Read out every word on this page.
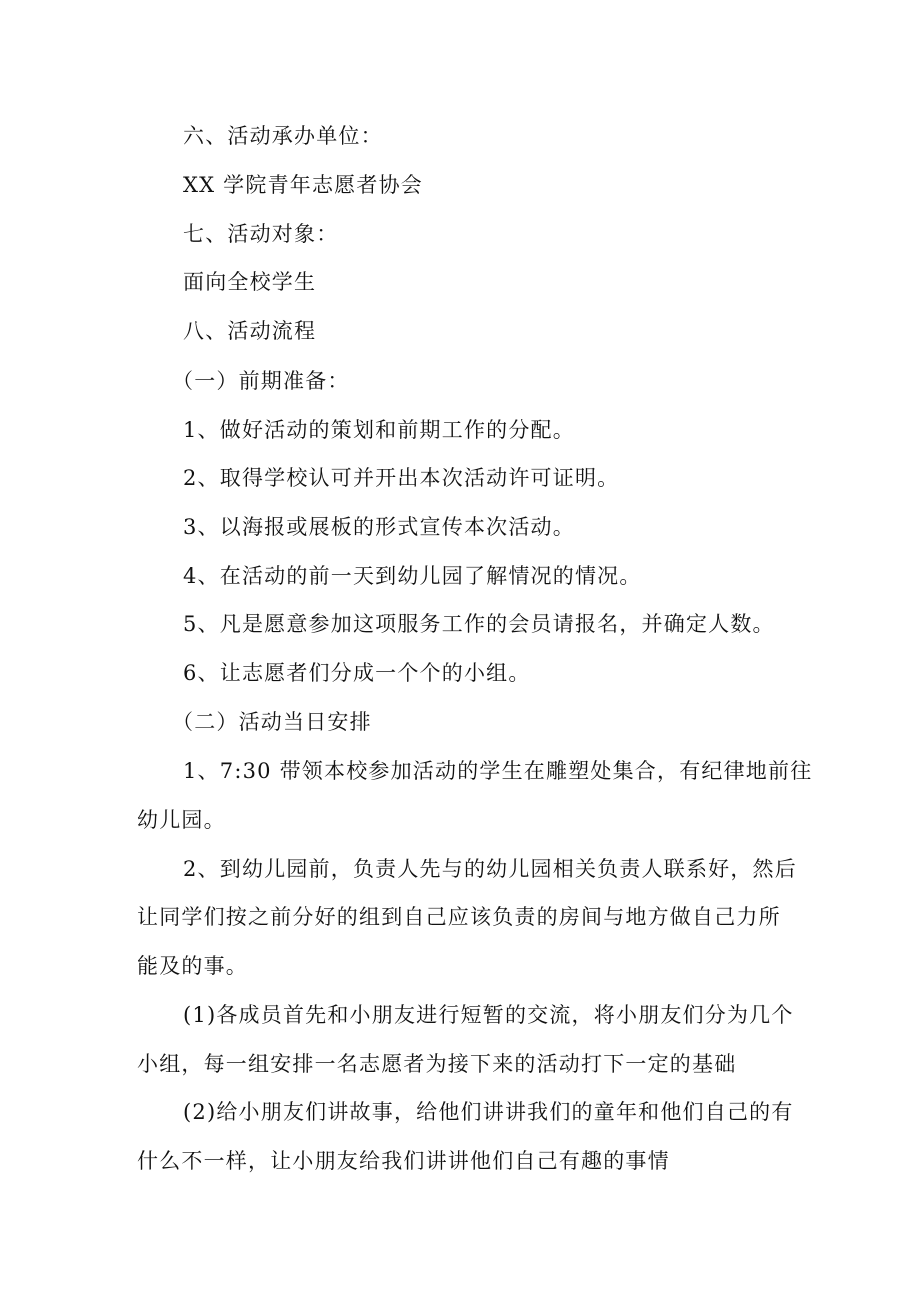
六、活动承办单位：
XX 学院青年志愿者协会
七、活动对象：
面向全校学生
八、活动流程
（一）前期准备：
1、做好活动的策划和前期工作的分配。
2、取得学校认可并开出本次活动许可证明。
3、以海报或展板的形式宣传本次活动。
4、在活动的前一天到幼儿园了解情况的情况。
5、凡是愿意参加这项服务工作的会员请报名，并确定人数。
6、让志愿者们分成一个个的小组。
（二）活动当日安排
1、7:30 带领本校参加活动的学生在雕塑处集合，有纪律地前往
幼儿园。
2、到幼儿园前，负责人先与的幼儿园相关负责人联系好，然后
让同学们按之前分好的组到自己应该负责的房间与地方做自己力所
能及的事。
(1)各成员首先和小朋友进行短暂的交流，将小朋友们分为几个
小组，每一组安排一名志愿者为接下来的活动打下一定的基础
(2)给小朋友们讲故事，给他们讲讲我们的童年和他们自己的有
什么不一样，让小朋友给我们讲讲他们自己有趣的事情
